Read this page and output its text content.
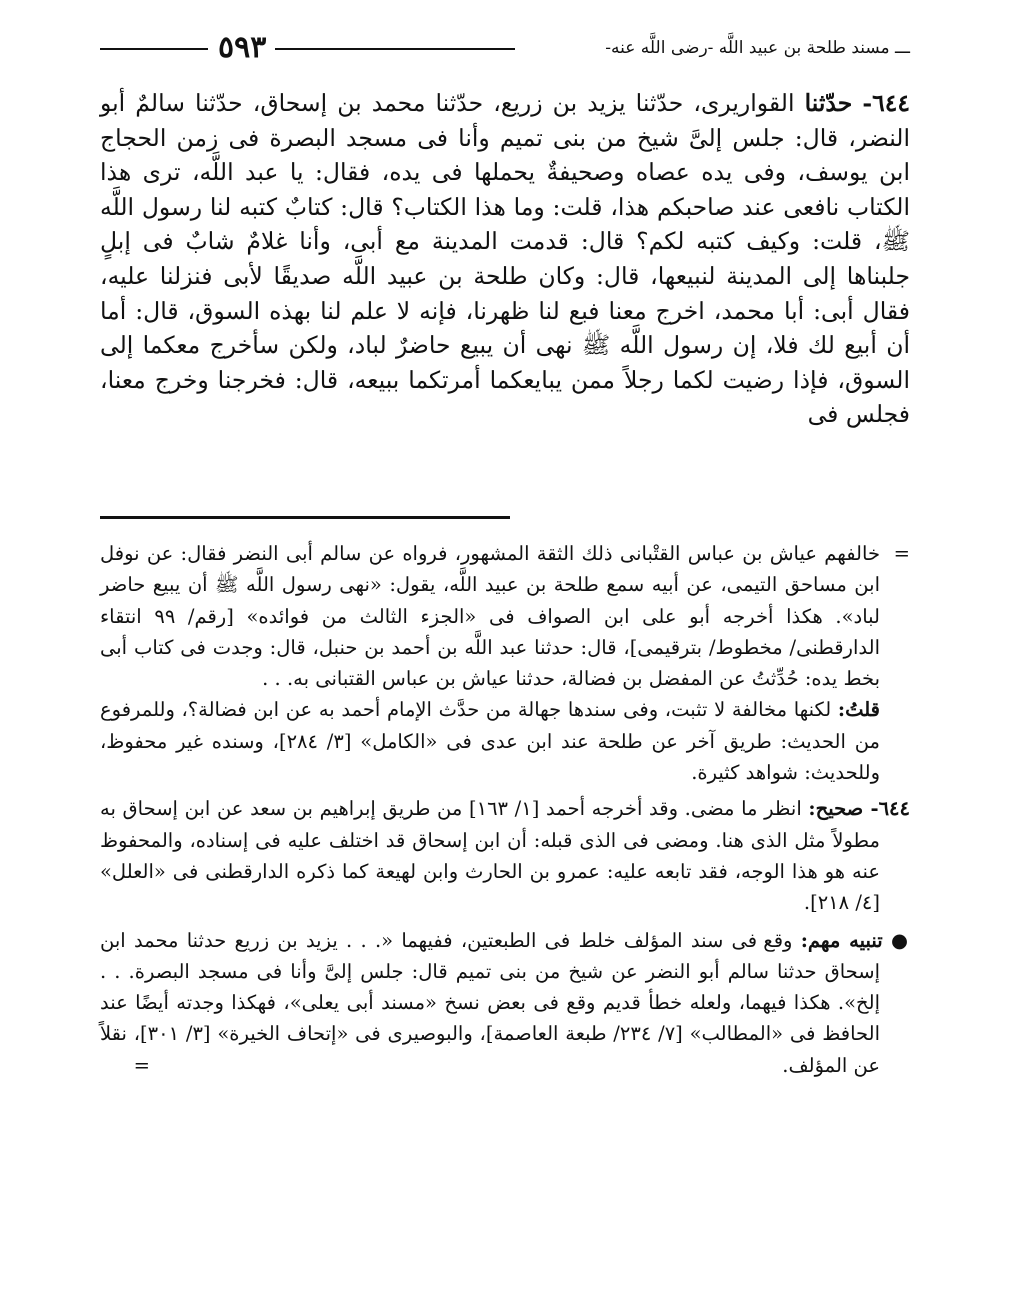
ـــ مسند طلحة بن عبيد اللَّه -رضى اللَّه عنه-
٥٩٣

٦٤٤- حدّثنا القواريرى، حدّثنا يزيد بن زريع، حدّثنا محمد بن إسحاق، حدّثنا سالمٌ أبو النضر، قال: جلس إلىَّ شيخ من بنى تميم وأنا فى مسجد البصرة فى زمن الحجاج ابن يوسف، وفى يده عصاه وصحيفةٌ يحملها فى يده، فقال: يا عبد اللَّه، ترى هذا الكتاب نافعى عند صاحبكم هذا، قلت: وما هذا الكتاب؟ قال: كتابٌ كتبه لنا رسول اللَّه ﷺ، قلت: وكيف كتبه لكم؟ قال: قدمت المدينة مع أبى، وأنا غلامٌ شابٌ فى إبلٍ جلبناها إلى المدينة لنبيعها، قال: وكان طلحة بن عبيد اللَّه صديقًا لأبى فنزلنا عليه، فقال أبى: أبا محمد، اخرج معنا فبع لنا ظهرنا، فإنه لا علم لنا بهذه السوق، قال: أما أن أبيع لك فلا، إن رسول اللَّه ﷺ نهى أن يبيع حاضرٌ لباد، ولكن سأخرج معكما إلى السوق، فإذا رضيت لكما رجلاً ممن يبايعكما أمرتكما ببيعه، قال: فخرجنا وخرج معنا، فجلس فى

=
خالفهم عياش بن عباس القتْبانى ذلك الثقة المشهور، فرواه عن سالم أبى النضر فقال: عن نوفل ابن مساحق التيمى، عن أبيه سمع طلحة بن عبيد اللَّه، يقول: «نهى رسول اللَّه ﷺ أن يبيع حاضر لباد». هكذا أخرجه أبو على ابن الصواف فى «الجزء الثالث من فوائده» [رقم/ ٩٩ انتقاء الدارقطنى/ مخطوط/ بترقيمى]، قال: حدثنا عبد اللَّه بن أحمد بن حنبل، قال: وجدت فى كتاب أبى بخط يده: حُدِّثتُ عن المفضل بن فضالة، حدثنا عياش بن عباس القتبانى به. . .

قلتُ: لكنها مخالفة لا تثبت، وفى سندها جهالة من حدَّث الإمام أحمد به عن ابن فضالة؟، وللمرفوع من الحديث: طريق آخر عن طلحة عند ابن عدى فى «الكامل» [٣/ ٢٨٤]، وسنده غير محفوظ، وللحديث: شواهد كثيرة.

٦٤٤- صحيح: انظر ما مضى. وقد أخرجه أحمد [١/ ١٦٣] من طريق إبراهيم بن سعد عن ابن إسحاق به مطولاً مثل الذى هنا. ومضى فى الذى قبله: أن ابن إسحاق قد اختلف عليه فى إسناده، والمحفوظ عنه هو هذا الوجه، فقد تابعه عليه: عمرو بن الحارث وابن لهيعة كما ذكره الدارقطنى فى «العلل» [٤/ ٢١٨].

● تنبيه مهم: وقع فى سند المؤلف خلط فى الطبعتين، ففيهما «. . . يزيد بن زريع حدثنا محمد ابن إسحاق حدثنا سالم أبو النضر عن شيخ من بنى تميم قال: جلس إلىَّ وأنا فى مسجد البصرة. . . إلخ». هكذا فيهما، ولعله خطأ قديم وقع فى بعض نسخ «مسند أبى يعلى»، فهكذا وجدته أيضًا عند الحافظ فى «المطالب» [٧/ ٢٣٤/ طبعة العاصمة]، والبوصيرى فى «إتحاف الخيرة» [٣/ ٣٠١]، نقلاً عن المؤلف.
=
